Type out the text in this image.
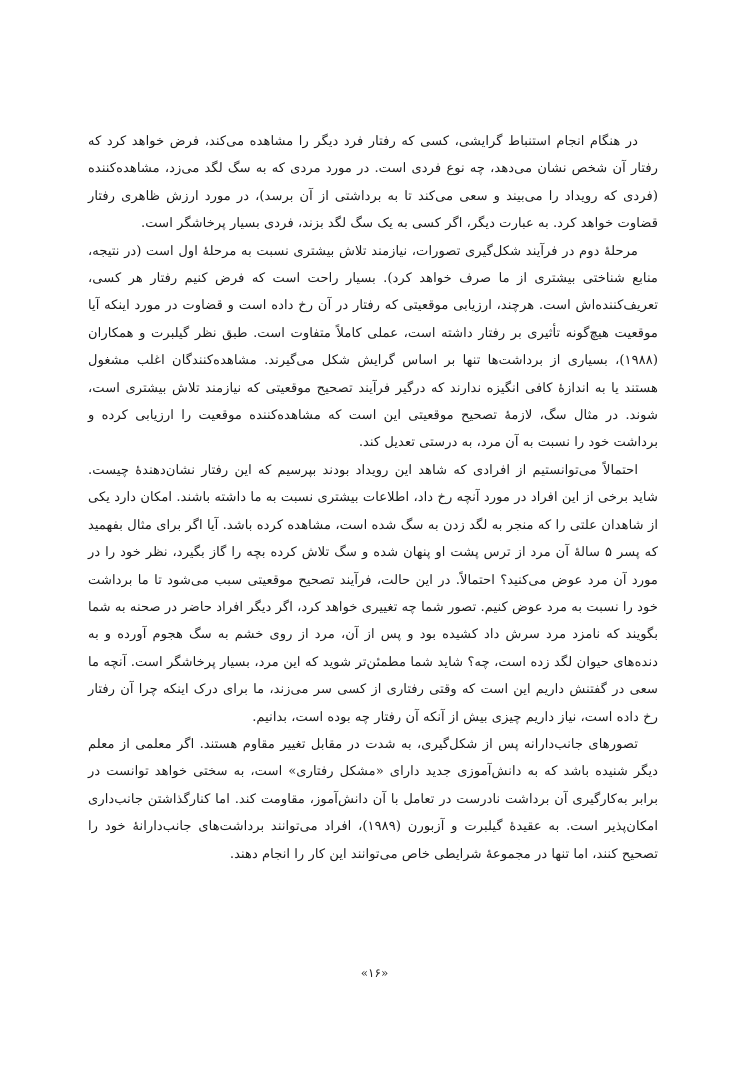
در هنگام انجام استنباط گرایشی، کسی که رفتار فرد دیگر را مشاهده می‌کند، فرض خواهد کرد که رفتار آن شخص نشان می‌دهد، چه نوع فردی است. در مورد مردی که به سگ لگد می‌زد، مشاهده‌کننده (فردی که رویداد را می‌بیند و سعی می‌کند تا به برداشتی از آن برسد)، در مورد ارزش ظاهری رفتار قضاوت خواهد کرد. به عبارت دیگر، اگر کسی به یک سگ لگد بزند، فردی بسیار پرخاشگر است.

مرحلهٔ دوم در فرآیند شکل‌گیری تصورات، نیازمند تلاش بیشتری نسبت به مرحلهٔ اول است (در نتیجه، منابع شناختی بیشتری از ما صرف خواهد کرد). بسیار راحت است که فرض کنیم رفتار هر کسی، تعریف‌کننده‌اش است. هرچند، ارزیابی موقعیتی که رفتار در آن رخ داده است و قضاوت در مورد اینکه آیا موقعیت هیچ‌گونه تأثیری بر رفتار داشته است، عملی کاملاً متفاوت است. طبق نظر گیلبرت و همکاران (۱۹۸۸)، بسیاری از برداشت‌ها تنها بر اساس گرایش شکل می‌گیرند. مشاهده‌کنندگان اغلب مشغول هستند یا به اندازهٔ کافی انگیزه ندارند که درگیر فرآیند تصحیح موقعیتی که نیازمند تلاش بیشتری است، شوند. در مثال سگ، لازمهٔ تصحیح موقعیتی این است که مشاهده‌کننده موقعیت را ارزیابی کرده و برداشت خود را نسبت به آن مرد، به درستی تعدیل کند.

احتمالاً می‌توانستیم از افرادی که شاهد این رویداد بودند بپرسیم که این رفتار نشان‌دهندهٔ چیست. شاید برخی از این افراد در مورد آنچه رخ داد، اطلاعات بیشتری نسبت به ما داشته باشند. امکان دارد یکی از شاهدان علتی را که منجر به لگد زدن به سگ شده است، مشاهده کرده باشد. آیا اگر برای مثال بفهمید که پسر ۵ سالهٔ آن مرد از ترس پشت او پنهان شده و سگ تلاش کرده بچه را گاز بگیرد، نظر خود را در مورد آن مرد عوض می‌کنید؟ احتمالاً. در این حالت، فرآیند تصحیح موقعیتی سبب می‌شود تا ما برداشت خود را نسبت به مرد عوض کنیم. تصور شما چه تغییری خواهد کرد، اگر دیگر افراد حاضر در صحنه به شما بگویند که نامزد مرد سرش داد کشیده بود و پس از آن، مرد از روی خشم به سگ هجوم آورده و به دنده‌های حیوان لگد زده است، چه؟ شاید شما مطمئن‌تر شوید که این مرد، بسیار پرخاشگر است. آنچه ما سعی در گفتنش داریم این است که وقتی رفتاری از کسی سر می‌زند، ما برای درک اینکه چرا آن رفتار رخ داده است، نیاز داریم چیزی بیش از آنکه آن رفتار چه بوده است، بدانیم.

تصورهای جانب‌دارانه پس از شکل‌گیری، به شدت در مقابل تغییر مقاوم هستند. اگر معلمی از معلم دیگر شنیده باشد که به دانش‌آموزی جدید دارای «مشکل رفتاری» است، به سختی خواهد توانست در برابر به‌کارگیری آن برداشت نادرست در تعامل با آن دانش‌آموز، مقاومت کند. اما کنارگذاشتن جانب‌داری امکان‌پذیر است. به عقیدهٔ گیلبرت و آزبورن (۱۹۸۹)، افراد می‌توانند برداشت‌های جانب‌دارانهٔ خود را تصحیح کنند، اما تنها در مجموعهٔ شرایطی خاص می‌توانند این کار را انجام دهند.

«۱۶»
